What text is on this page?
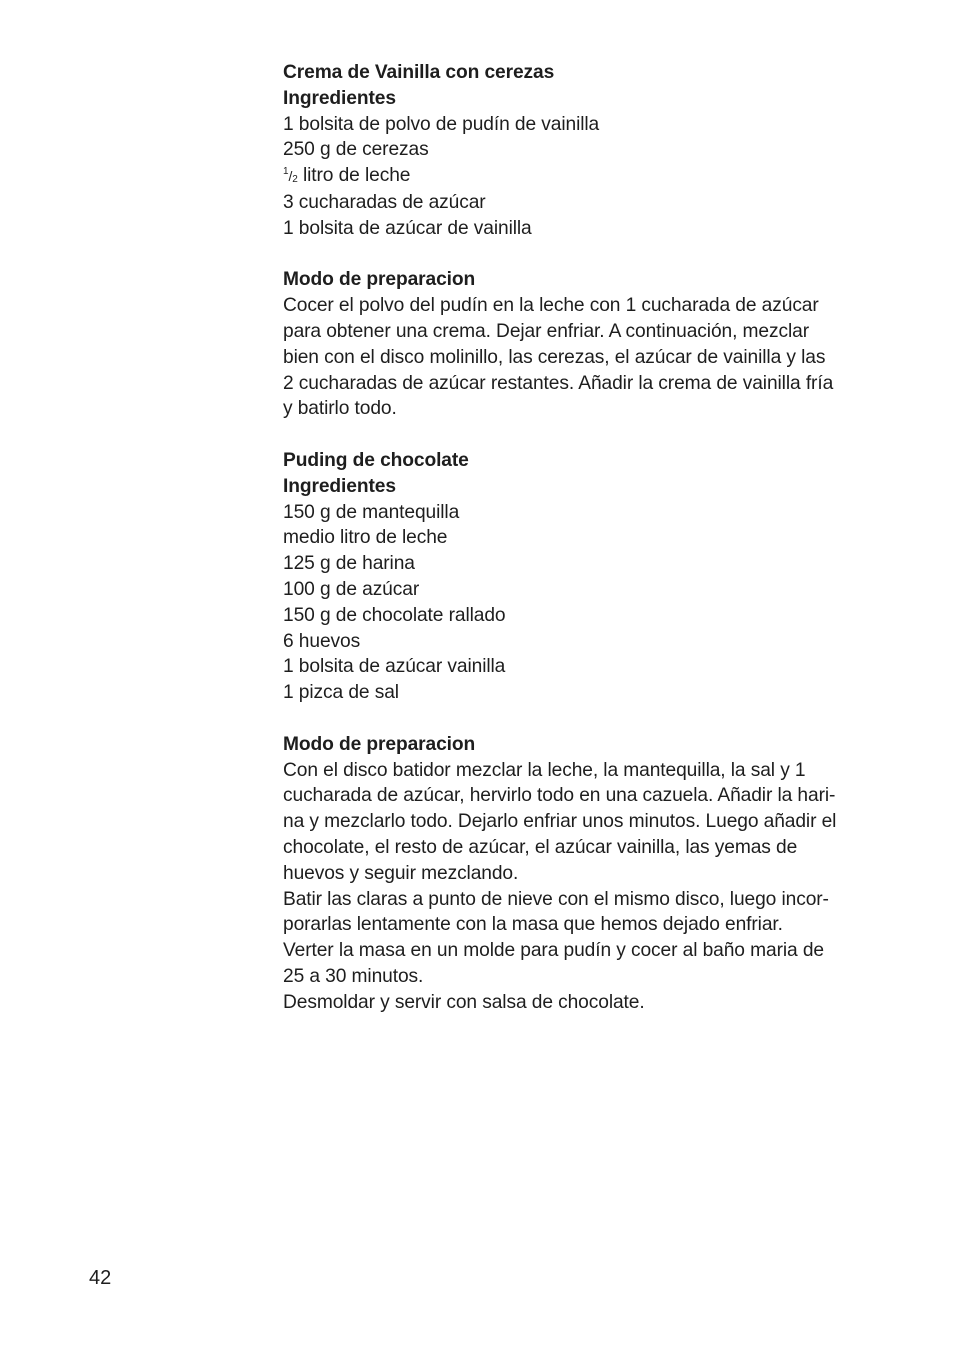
Crema de Vainilla con cerezas
Ingredientes
1 bolsita de polvo de pudín de vainilla
250 g de cerezas
$^1/_2$ litro de leche
3 cucharadas de azúcar
1 bolsita de azúcar de vainilla
Modo de preparacion
Cocer el polvo del pudín en la leche con 1 cucharada de azúcar
para obtener una crema. Dejar enfriar. A continuación, mezclar
bien con el disco molinillo, las cerezas, el azúcar de vainilla y las
2 cucharadas de azúcar restantes. Añadir la crema de vainilla fría
y batirlo todo.
Puding de chocolate
Ingredientes
150 g de mantequilla
medio litro de leche
125 g de harina
100 g de azúcar
150 g de chocolate rallado
6 huevos
1 bolsita de azúcar vainilla
1 pizca de sal
Modo de preparacion
Con el disco batidor mezclar la leche, la mantequilla, la sal y 1
cucharada de azúcar, hervirlo todo en una cazuela. Añadir la hari-
na y mezclarlo todo. Dejarlo enfriar unos minutos. Luego añadir el
chocolate, el resto de azúcar, el azúcar vainilla, las yemas de
huevos y seguir mezclando.
Batir las claras a punto de nieve con el mismo disco, luego incor-
porarlas lentamente con la masa que hemos dejado enfriar.
Verter la masa en un molde para pudín y cocer al baño maria de
25 a 30 minutos.
Desmoldar y servir con salsa de chocolate.
42
